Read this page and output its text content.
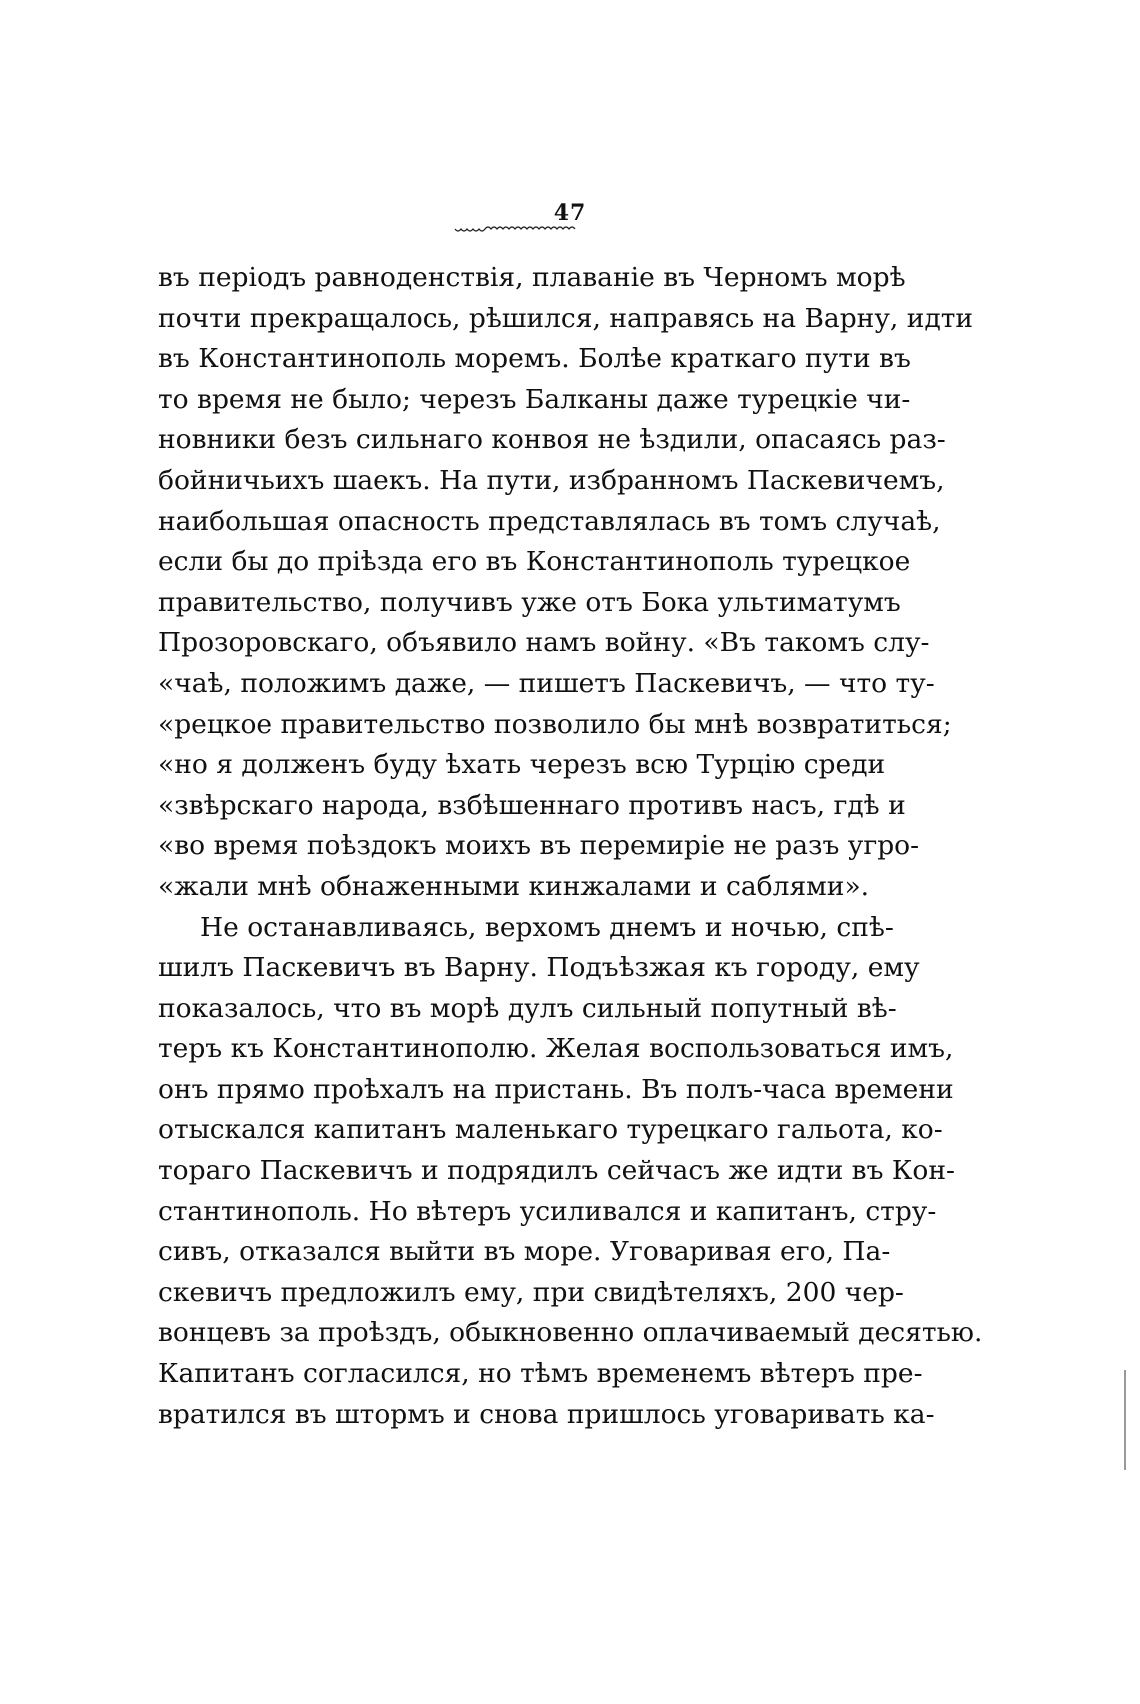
47
въ періодъ равноденствія, плаваніе въ Черномъ морѣ
почти прекращалось, рѣшился, направясь на Варну, идти
въ Константинополь моремъ. Болѣе краткаго пути въ
то время не было; черезъ Балканы даже турецкіе чи-
новники безъ сильнаго конвоя не ѣздили, опасаясь раз-
бойничьихъ шаекъ. На пути, избранномъ Паскевичемъ,
наибольшая опасность представлялась въ томъ случаѣ,
если бы до пріѣзда его въ Константинополь турецкое
правительство, получивъ уже отъ Бока ультиматумъ
Прозоровскаго, объявило намъ войну. «Въ такомъ слу-
«чаѣ, положимъ даже, — пишетъ Паскевичъ, — что ту-
«рецкое правительство позволило бы мнѣ возвратиться;
«но я долженъ буду ѣхать черезъ всю Турцію среди
«звѣрскаго народа, взбѣшеннаго противъ насъ, гдѣ и
«во время поѣздокъ моихъ въ перемиріе не разъ угро-
«жали мнѣ обнаженными кинжалами и саблями».
Не останавливаясь, верхомъ днемъ и ночью, спѣ-
шилъ Паскевичъ въ Варну. Подъѣзжая къ городу, ему
показалось, что въ морѣ дулъ сильный попутный вѣ-
теръ къ Константинополю. Желая воспользоваться имъ,
онъ прямо проѣхалъ на пристань. Въ полъ-часа времени
отыскался капитанъ маленькаго турецкаго гальота, ко-
тораго Паскевичъ и подрядилъ сейчасъ же идти въ Кон-
стантинополь. Но вѣтеръ усиливался и капитанъ, стру-
сивъ, отказался выйти въ море. Уговаривая его, Па-
скевичъ предложилъ ему, при свидѣтеляхъ, 200 чер-
вонцевъ за проѣздъ, обыкновенно оплачиваемый десятью.
Капитанъ согласился, но тѣмъ временемъ вѣтеръ пре-
вратился въ штормъ и снова пришлось уговаривать ка-
